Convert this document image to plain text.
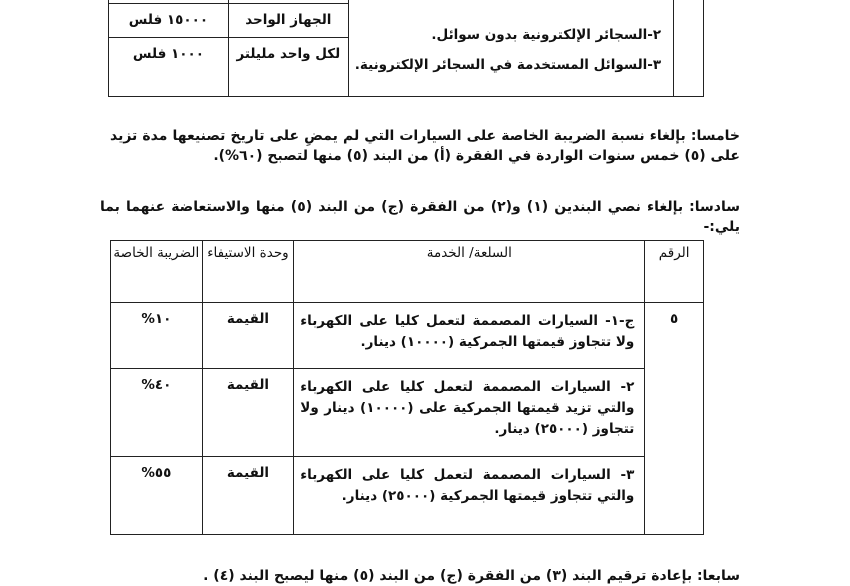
	٢-السجائر الإلكترونية بدون سوائل.
٣-السوائل المستخدمة في السجائر الإلكترونية.		

		الجهاز الواحد	١٥٠٠٠ فلس
		لكل واحد مليلتر	١٠٠٠ فلس
خامسا: بإلغاء نسبة الضريبة الخاصة على السيارات التي لم يمضِ على تاريخ تصنيعها مدة تزيد على (٥) خمس سنوات الواردة في الفقرة (أ) من البند (٥) منها لتصبح (٦٠%).
سادسا: بإلغاء نصي البندين (١) و(٢) من الفقرة (ج) من البند (٥) منها والاستعاضة عنهما بما يلي:-
الرقم	السلعة/ الخدمة	وحدة الاستيفاء	الضريبة الخاصة
٥	ج-١- السيارات المصممة لتعمل كليا على الكهرباء ولا تتجاوز قيمتها الجمركية (١٠٠٠٠) دينار.	القيمة	١٠%
	٢- السيارات المصممة لتعمل كليا على الكهرباء والتي تزيد قيمتها الجمركية على (١٠٠٠٠) دينار ولا تتجاوز (٢٥٠٠٠) دينار.	القيمة	٤٠%
	٣- السيارات المصممة لتعمل كليا على الكهرباء والتي تتجاوز قيمتها الجمركية (٢٥٠٠٠) دينار.	القيمة	٥٥%
سابعا: بإعادة ترقيم البند (٣) من الفقرة (ج) من البند (٥) منها ليصبح البند (٤) .
